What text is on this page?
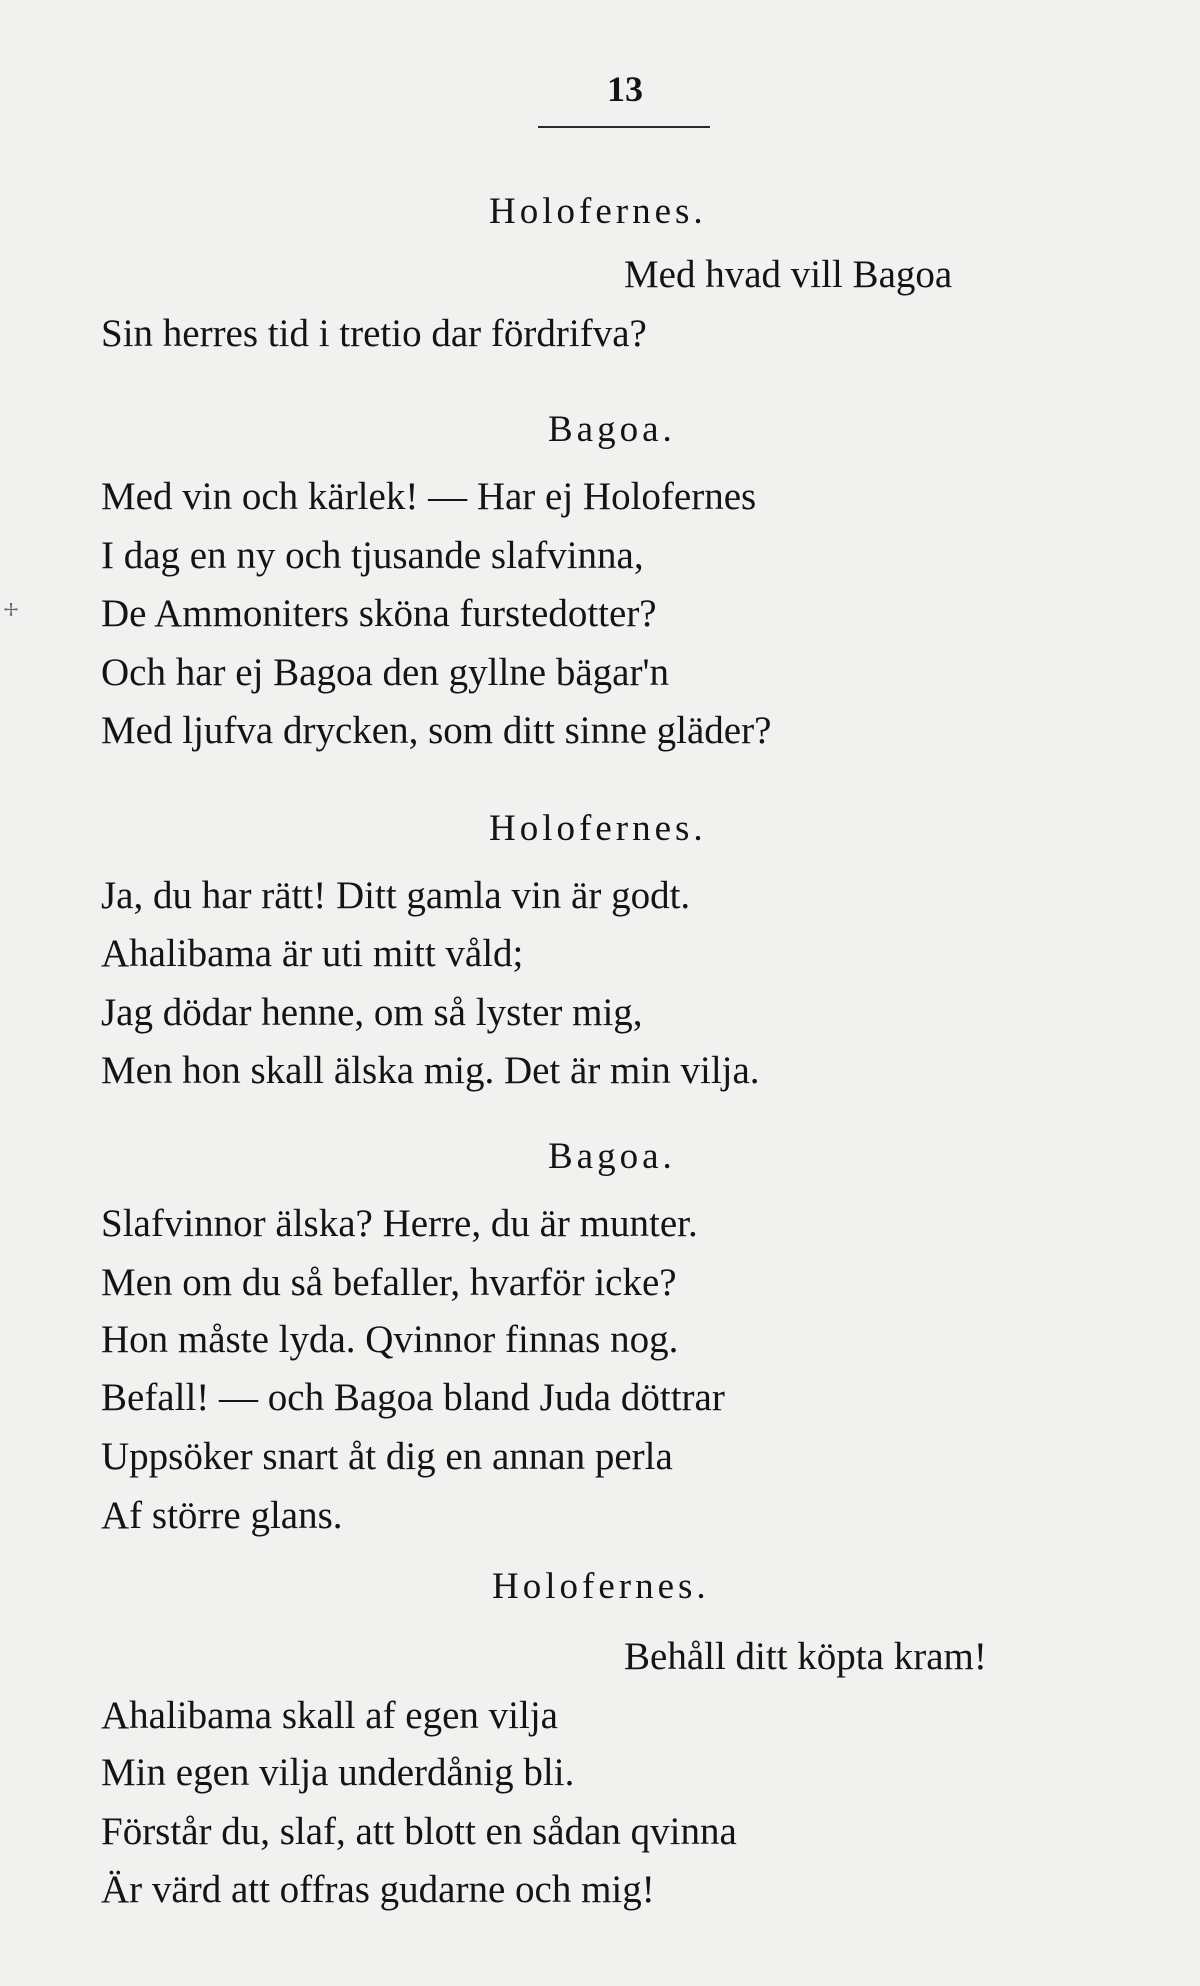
13
⧾
Holofernes.
Med hvad vill Bagoa
Sin herres tid i tretio dar fördrifva?
Bagoa.
Med vin och kärlek! — Har ej Holofernes
I dag en ny och tjusande slafvinna,
De Ammoniters sköna furstedotter?
Och har ej Bagoa den gyllne bägar'n
Med ljufva drycken, som ditt sinne gläder?
Holofernes.
Ja, du har rätt! Ditt gamla vin är godt.
Ahalibama är uti mitt våld;
Jag dödar henne, om så lyster mig,
Men hon skall älska mig. Det är min vilja.
Bagoa.
Slafvinnor älska? Herre, du är munter.
Men om du så befaller, hvarför icke?
Hon måste lyda. Qvinnor finnas nog.
Befall! — och Bagoa bland Juda döttrar
Uppsöker snart åt dig en annan perla
Af större glans.
Holofernes.
Behåll ditt köpta kram!
Ahalibama skall af egen vilja
Min egen vilja underdånig bli.
Förstår du, slaf, att blott en sådan qvinna
Är värd att offras gudarne och mig!
